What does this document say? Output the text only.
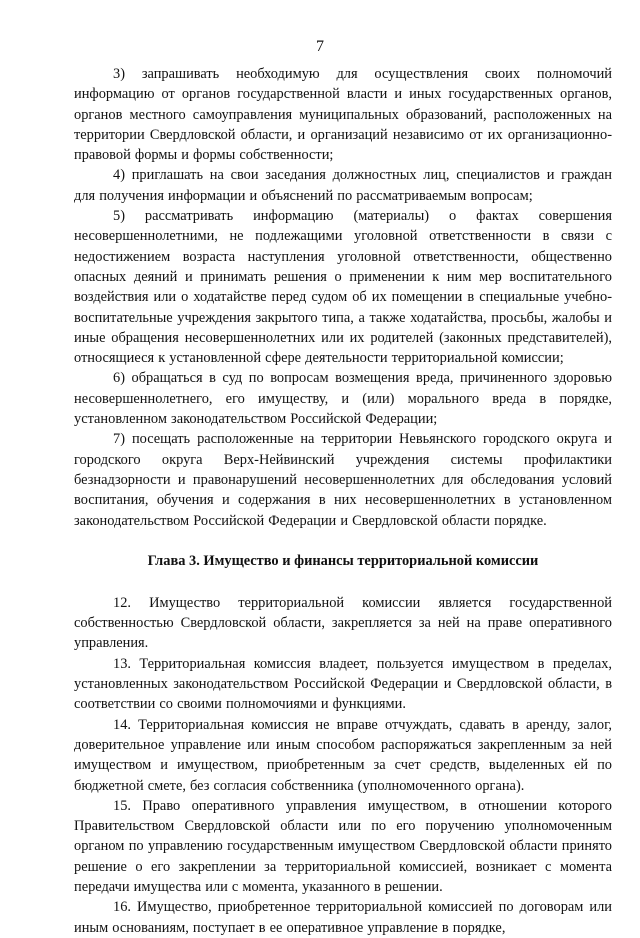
7

3) запрашивать необходимую для осуществления своих полномочий информацию от органов государственной власти и иных государственных органов, органов местного самоуправления муниципальных образований, расположенных на территории Свердловской области, и организаций независимо от их организационно-правовой формы и формы собственности;

4) приглашать на свои заседания должностных лиц, специалистов и граждан для получения информации и объяснений по рассматриваемым вопросам;

5) рассматривать информацию (материалы) о фактах совершения несовершеннолетними, не подлежащими уголовной ответственности в связи с недостижением возраста наступления уголовной ответственности, общественно опасных деяний и принимать решения о применении к ним мер воспитательного воздействия или о ходатайстве перед судом об их помещении в специальные учебно-воспитательные учреждения закрытого типа, а также ходатайства, просьбы, жалобы и иные обращения несовершеннолетних или их родителей (законных представителей), относящиеся к установленной сфере деятельности территориальной комиссии;

6) обращаться в суд по вопросам возмещения вреда, причиненного здоровью несовершеннолетнего, его имуществу, и (или) морального вреда в порядке, установленном законодательством Российской Федерации;

7) посещать расположенные на территории Невьянского городского округа и городского округа Верх-Нейвинский учреждения системы профилактики безнадзорности и правонарушений несовершеннолетних для обследования условий воспитания, обучения и содержания в них несовершеннолетних в установленном законодательством Российской Федерации и Свердловской области порядке.

Глава 3. Имущество и финансы территориальной комиссии

12. Имущество территориальной комиссии является государственной собственностью Свердловской области, закрепляется за ней на праве оперативного управления.

13. Территориальная комиссия владеет, пользуется имуществом в пределах, установленных законодательством Российской Федерации и Свердловской области, в соответствии со своими полномочиями и функциями.

14. Территориальная комиссия не вправе отчуждать, сдавать в аренду, залог, доверительное управление или иным способом распоряжаться закрепленным за ней имуществом и имуществом, приобретенным за счет средств, выделенных ей по бюджетной смете, без согласия собственника (уполномоченного органа).

15. Право оперативного управления имуществом, в отношении которого Правительством Свердловской области или по его поручению уполномоченным органом по управлению государственным имуществом Свердловской области принято решение о его закреплении за территориальной комиссией, возникает с момента передачи имущества или с момента, указанного в решении.

16. Имущество, приобретенное территориальной комиссией по договорам или иным основаниям, поступает в ее оперативное управление в порядке,
